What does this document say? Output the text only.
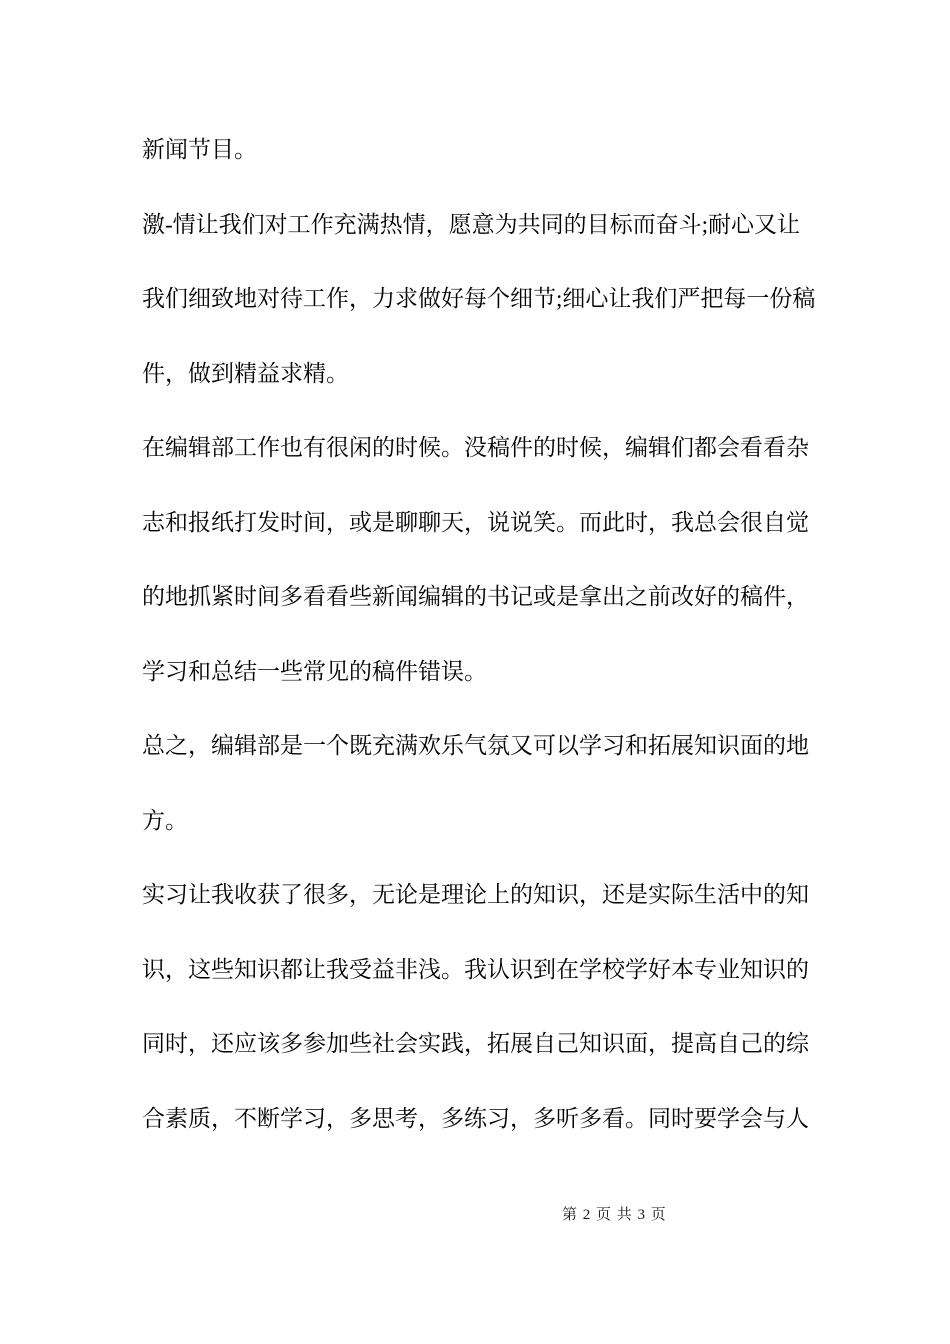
新闻节目。
激-情让我们对工作充满热情，愿意为共同的目标而奋斗;耐心又让
我们细致地对待工作，力求做好每个细节;细心让我们严把每一份稿
件，做到精益求精。
在编辑部工作也有很闲的时候。没稿件的时候，编辑们都会看看杂
志和报纸打发时间，或是聊聊天，说说笑。而此时，我总会很自觉
的地抓紧时间多看看些新闻编辑的书记或是拿出之前改好的稿件，
学习和总结一些常见的稿件错误。
总之，编辑部是一个既充满欢乐气氛又可以学习和拓展知识面的地
方。
实习让我收获了很多，无论是理论上的知识，还是实际生活中的知
识，这些知识都让我受益非浅。我认识到在学校学好本专业知识的
同时，还应该多参加些社会实践，拓展自己知识面，提高自己的综
合素质，不断学习，多思考，多练习，多听多看。同时要学会与人
第 2 页 共 3 页
